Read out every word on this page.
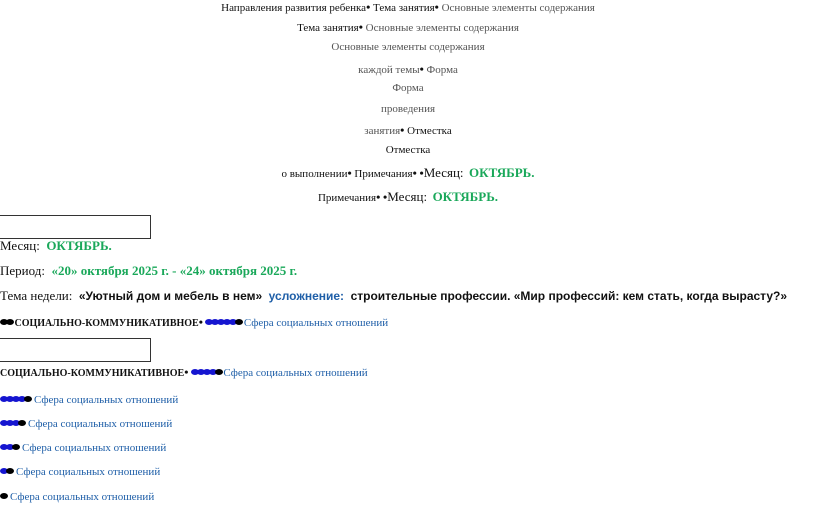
Направления развития ребенка• Тема занятия• Основные элементы содержания
Тема занятия• Основные элементы содержания
Основные элементы содержания
каждой темы• Форма
Форма
проведения
занятия• Отместка
Отместка
о выполнении• Примечания• •Месяц: ОКТЯБРЬ.
Примечания• •Месяц: ОКТЯБРЬ.
Месяц: ОКТЯБРЬ.
Период: «20» октября 2025 г. - «24» октября 2025 г.
Тема недели: «Уютный дом и мебель в нем» усложнение: строительные профессии. «Мир профессий: кем стать, когда вырасту?»
СОЦИАЛЬНО-КОММУНИКАТИВНОЕ•	Сфера социальных отношений
СОЦИАЛЬНО-КОММУНИКАТИВНОЕ•	Сфера социальных отношений
Сфера социальных отношений
Сфера социальных отношений
Сфера социальных отношений
Сфера социальных отношений
Сфера социальных отношений
